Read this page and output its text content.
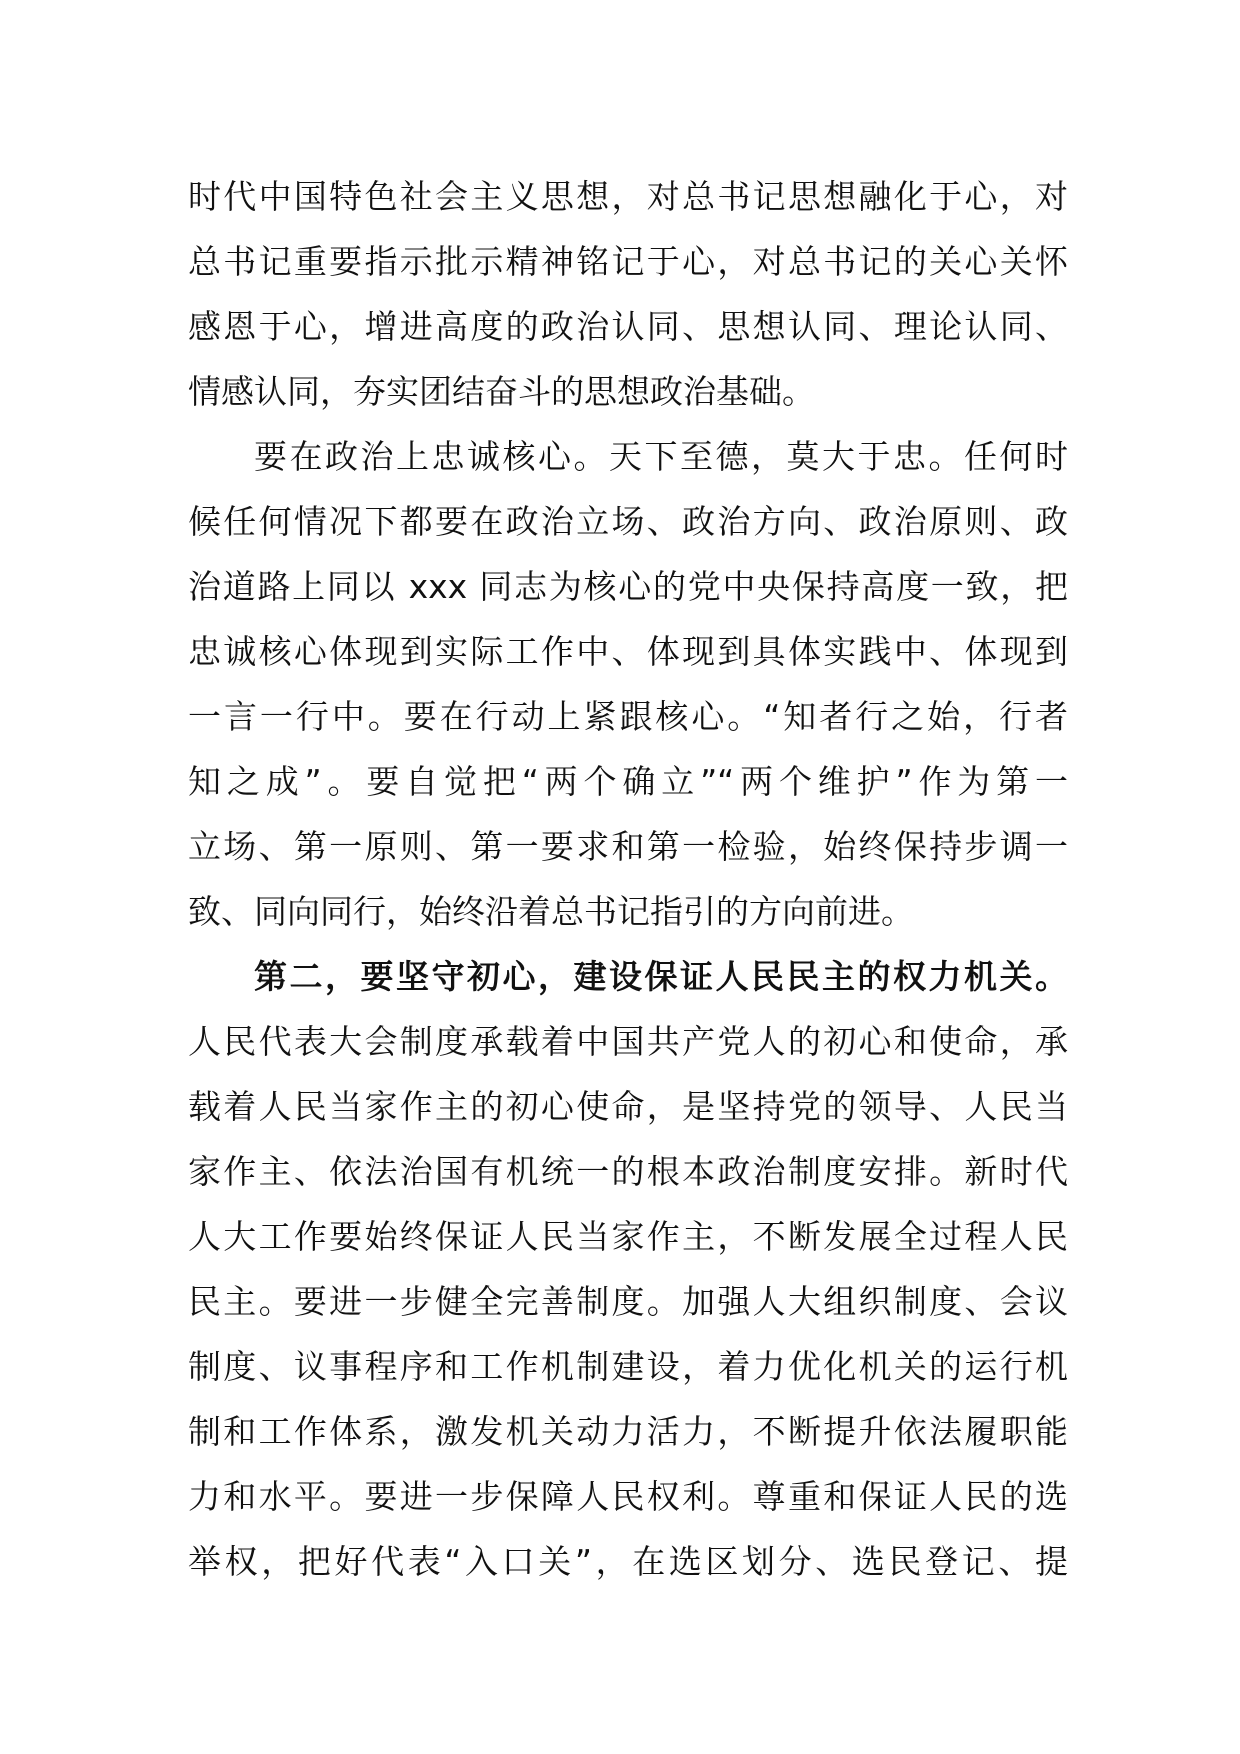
时代中国特色社会主义思想，对总书记思想融化于心，对
总书记重要指示批示精神铭记于心，对总书记的关心关怀
感恩于心，增进高度的政治认同、思想认同、理论认同、
情感认同，夯实团结奋斗的思想政治基础。
要在政治上忠诚核心。天下至德，莫大于忠。任何时
候任何情况下都要在政治立场、政治方向、政治原则、政
治道路上同以 xxx 同志为核心的党中央保持高度一致，把
忠诚核心体现到实际工作中、体现到具体实践中、体现到
一言一行中。要在行动上紧跟核心。“知者行之始，行者
知之成”。要自觉把“两个确立”“两个维护”作为第一
立场、第一原则、第一要求和第一检验，始终保持步调一
致、同向同行，始终沿着总书记指引的方向前进。
第二，要坚守初心，建设保证人民民主的权力机关。
人民代表大会制度承载着中国共产党人的初心和使命，承
载着人民当家作主的初心使命，是坚持党的领导、人民当
家作主、依法治国有机统一的根本政治制度安排。新时代
人大工作要始终保证人民当家作主，不断发展全过程人民
民主。要进一步健全完善制度。加强人大组织制度、会议
制度、议事程序和工作机制建设，着力优化机关的运行机
制和工作体系，激发机关动力活力，不断提升依法履职能
力和水平。要进一步保障人民权利。尊重和保证人民的选
举权，把好代表“入口关”，在选区划分、选民登记、提
